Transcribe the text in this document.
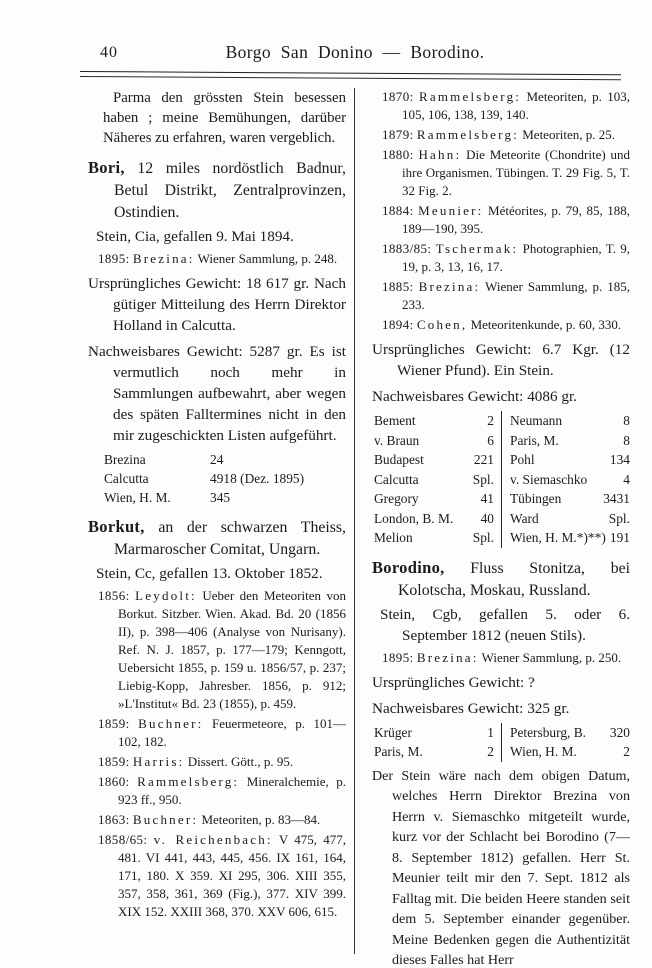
40	Borgo San Donino — Borodino.

Parma den grössten Stein besessen haben ; meine Bemühungen, darüber Näheres zu erfahren, waren vergeblich.

Bori, 12 miles nordöstlich Badnur, Betul Distrikt, Zentralprovinzen, Ostindien.

Stein, Cia, gefallen 9. Mai 1894.

1895: Brezina: Wiener Sammlung, p. 248.

Ursprüngliches Gewicht: 18 617 gr. Nach gütiger Mitteilung des Herrn Direktor Holland in Calcutta.

Nachweisbares Gewicht: 5287 gr. Es ist vermutlich noch mehr in Sammlungen aufbewahrt, aber wegen des späten Falltermines nicht in den mir zugeschickten Listen aufgeführt.

Brezina	24
Calcutta	4918 (Dez. 1895)
Wien, H. M.	345

Borkut, an der schwarzen Theiss, Marmaroscher Comitat, Ungarn.

Stein, Cc, gefallen 13. Oktober 1852.

1856: Leydolt: Ueber den Meteoriten von Borkut. Sitzber. Wien. Akad. Bd. 20 (1856 II), p. 398—406 (Analyse von Nurisany). Ref. N. J. 1857, p. 177—179; Kenngott, Uebersicht 1855, p. 159 u. 1856/57, p. 237; Liebig-Kopp, Jahresber. 1856, p. 912; »L'Institut« Bd. 23 (1855), p. 459.

1859: Buchner: Feuermeteore, p. 101—102, 182.

1859: Harris: Dissert. Gött., p. 95.

1860: Rammelsberg: Mineralchemie, p. 923 ff., 950.

1863: Buchner: Meteoriten, p. 83—84.

1858/65: v. Reichenbach: V 475, 477, 481. VI 441, 443, 445, 456. IX 161, 164, 171, 180. X 359. XI 295, 306. XIII 355, 357, 358, 361, 369 (Fig.), 377. XIV 399. XIX 152. XXIII 368, 370. XXV 606, 615.

1870: Rammelsberg: Meteoriten, p. 103, 105, 106, 138, 139, 140.

1879: Rammelsberg: Meteoriten, p. 25.

1880: Hahn: Die Meteorite (Chondrite) und ihre Organismen. Tübingen. T. 29 Fig. 5, T. 32 Fig. 2.

1884: Meunier: Météorites, p. 79, 85, 188, 189—190, 395.

1883/85: Tschermak: Photographien, T. 9, 19, p. 3, 13, 16, 17.

1885: Brezina: Wiener Sammlung, p. 185, 233.

1894: Cohen, Meteoritenkunde, p. 60, 330.

Ursprüngliches Gewicht: 6.7 Kgr. (12 Wiener Pfund). Ein Stein.

Nachweisbares Gewicht: 4086 gr.

Bement	2
v. Braun	6
Budapest	221
Calcutta	Spl.
Gregory	41
London, B. M. 40
Melion	Spl.
Neumann	8
Paris, M.	8
Pohl	134
v. Siemaschko	4
Tübingen	3431
Ward	Spl.
Wien, H. M.*)**) 191

Borodino, Fluss Stonitza, bei Kolotscha, Moskau, Russland.

Stein, Cgb, gefallen 5. oder 6. September 1812 (neuen Stils).

1895: Brezina: Wiener Sammlung, p. 250.

Ursprüngliches Gewicht: ?

Nachweisbares Gewicht: 325 gr.

Krüger	1
Paris, M.	2
Petersburg, B. 320
Wien, H. M.	2

Der Stein wäre nach dem obigen Datum, welches Herrn Direktor Brezina von Herrn v. Siemaschko mitgeteilt wurde, kurz vor der Schlacht bei Borodino (7— 8. September 1812) gefallen. Herr St. Meunier teilt mir den 7. Sept. 1812 als Falltag mit. Die beiden Heere standen seit dem 5. September einander gegenüber. Meine Bedenken gegen die Authentizität dieses Falles hat Herr
